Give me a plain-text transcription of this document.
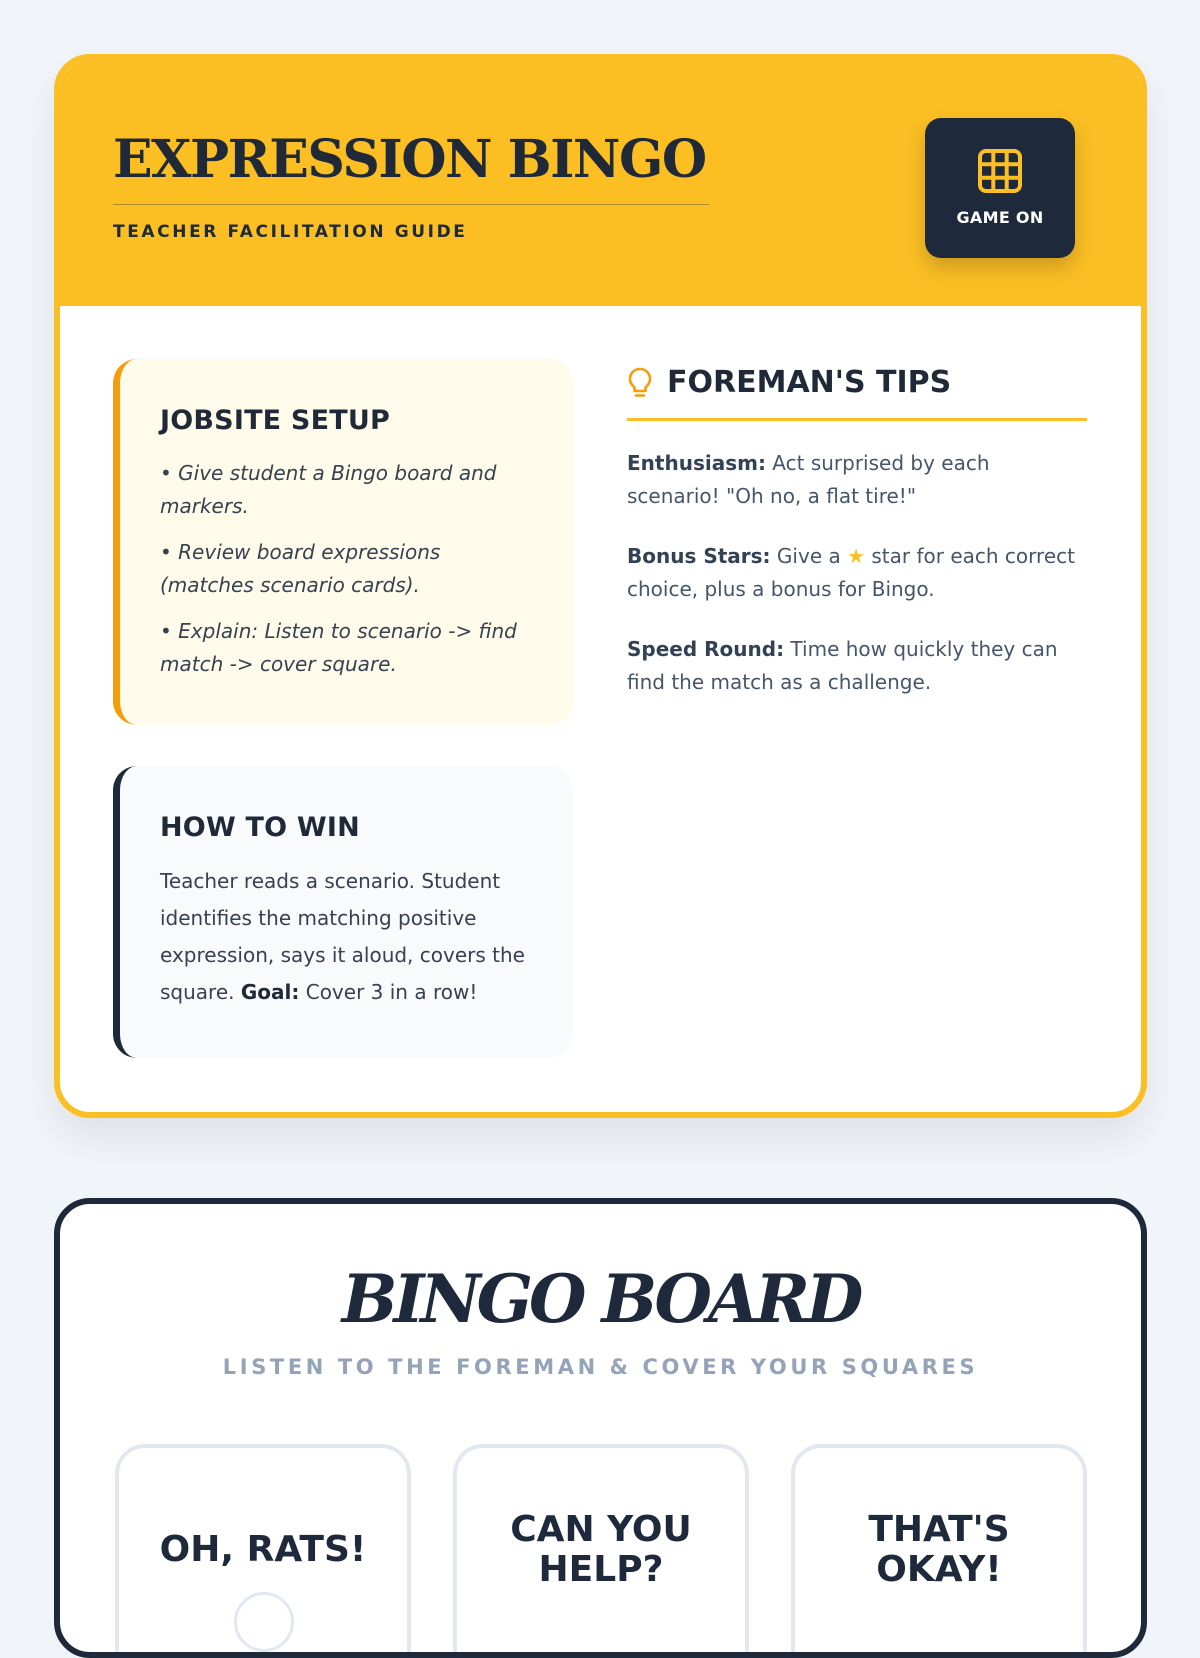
EXPRESSION BINGO
TEACHER FACILITATION GUIDE
GAME ON
JOBSITE SETUP
• Give student a Bingo board and markers.
• Review board expressions (matches scenario cards).
• Explain: Listen to scenario -> find match -> cover square.
HOW TO WIN

Teacher reads a scenario. Student identifies the matching positive expression, says it aloud, covers the square. Goal: Cover 3 in a row!

FOREMAN'S TIPS

Enthusiasm: Act surprised by each scenario! "Oh no, a flat tire!"

Bonus Stars: Give a ★ star for each correct choice, plus a bonus for Bingo.

Speed Round: Time how quickly they can find the match as a challenge.

BINGO BOARD
LISTEN TO THE FOREMAN & COVER YOUR SQUARES
OH, RATS!	CAN YOU
HELP?
THAT'S
OKAY!
